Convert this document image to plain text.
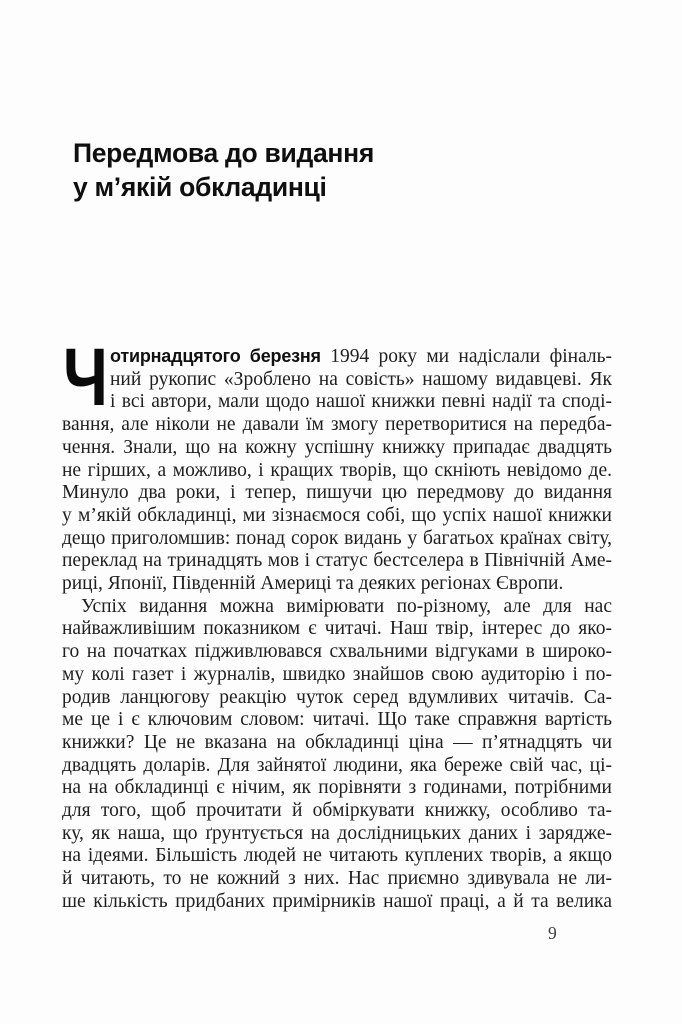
Передмова до видання
у м’якій обкладинці
Ч отирнадцятого березня 1994 року ми надіслали фіналь-
ний рукопис «Зроблено на совість» нашому видавцеві. Як
і всі автори, мали щодо нашої книжки певні надії та споді-
вання, але ніколи не давали їм змогу перетворитися на передба-
чення. Знали, що на кожну успішну книжку припадає двадцять
не гірших, а можливо, і кращих творів, що скніють невідомо де.
Минуло два роки, і тепер, пишучи цю передмову до видання
у м’якій обкладинці, ми зізнаємося собі, що успіх нашої книжки
дещо приголомшив: понад сорок видань у багатьох країнах світу,
переклад на тринадцять мов і статус бестселера в Північній Аме-
риці, Японії, Південній Америці та деяких регіонах Європи.
Успіх видання можна вимірювати по-різному, але для нас
найважливішим показником є читачі. Наш твір, інтерес до яко-
го на початках підживлювався схвальними відгуками в широко-
му колі газет і журналів, швидко знайшов свою аудиторію і по-
родив ланцюгову реакцію чуток серед вдумливих читачів. Са-
ме це і є ключовим словом: читачі. Що таке справжня вартість
книжки? Це не вказана на обкладинці ціна — п’ятнадцять чи
двадцять доларів. Для зайнятої людини, яка береже свій час, ці-
на на обкладинці є нічим, як порівняти з годинами, потрібними
для того, щоб прочитати й обміркувати книжку, особливо та-
ку, як наша, що ґрунтується на дослідницьких даних і зарядже-
на ідеями. Більшість людей не читають куплених творів, а якщо
й читають, то не кожний з них. Нас приємно здивувала не ли-
ше кількість придбаних примірників нашої праці, а й та велика
9
